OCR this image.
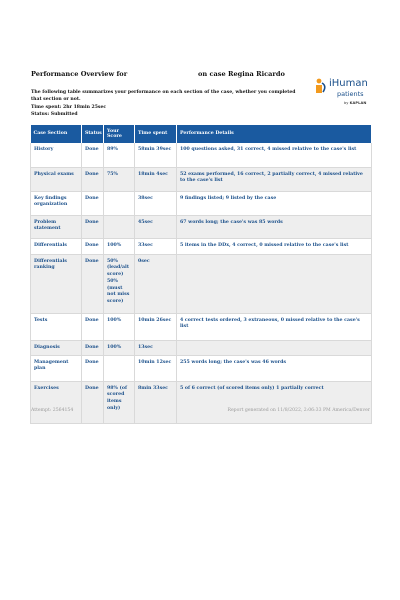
Performance Overview for	on case Regina Ricardo
iHuman
patients
by KAPLAN
The following table summarizes your performance on each section of the case, whether you completed that section or not.
Time spent: 2hr 18min 25sec
Status: Submitted
Case Section	Status	Your Score	Time spent	Performance Details
History	Done	89%	58min 39sec	100 questions asked, 31 correct, 4 missed relative to the case's list
Physical exams	Done	75%	18min 4sec	52 exams performed, 16 correct, 2 partially correct, 4 missed relative to the case's list
Key findings organization	Done		38sec	9 findings listed; 9 listed by the case
Problem statement	Done		45sec	67 words long; the case's was 85 words
Differentials	Done	100%	33sec	5 items in the DDx, 4 correct, 0 missed relative to the case's list
Differentials ranking	Done	50% (lead/alt score) 50% (must not miss score)	0sec	
Tests	Done	100%	10min 26sec	4 correct tests ordered, 3 extraneous, 0 missed relative to the case's list
Diagnosis	Done	100%	13sec	
Management plan	Done		10min 12sec	255 words long; the case's was 46 words
Exercises	Done	98% (of scored items only)	8min 33sec	5 of 6 correct (of scored items only) 1 partially correct
Attempt: 2564154	Report generated on 11/8/2022, 2:06:33 PM America/Denver
